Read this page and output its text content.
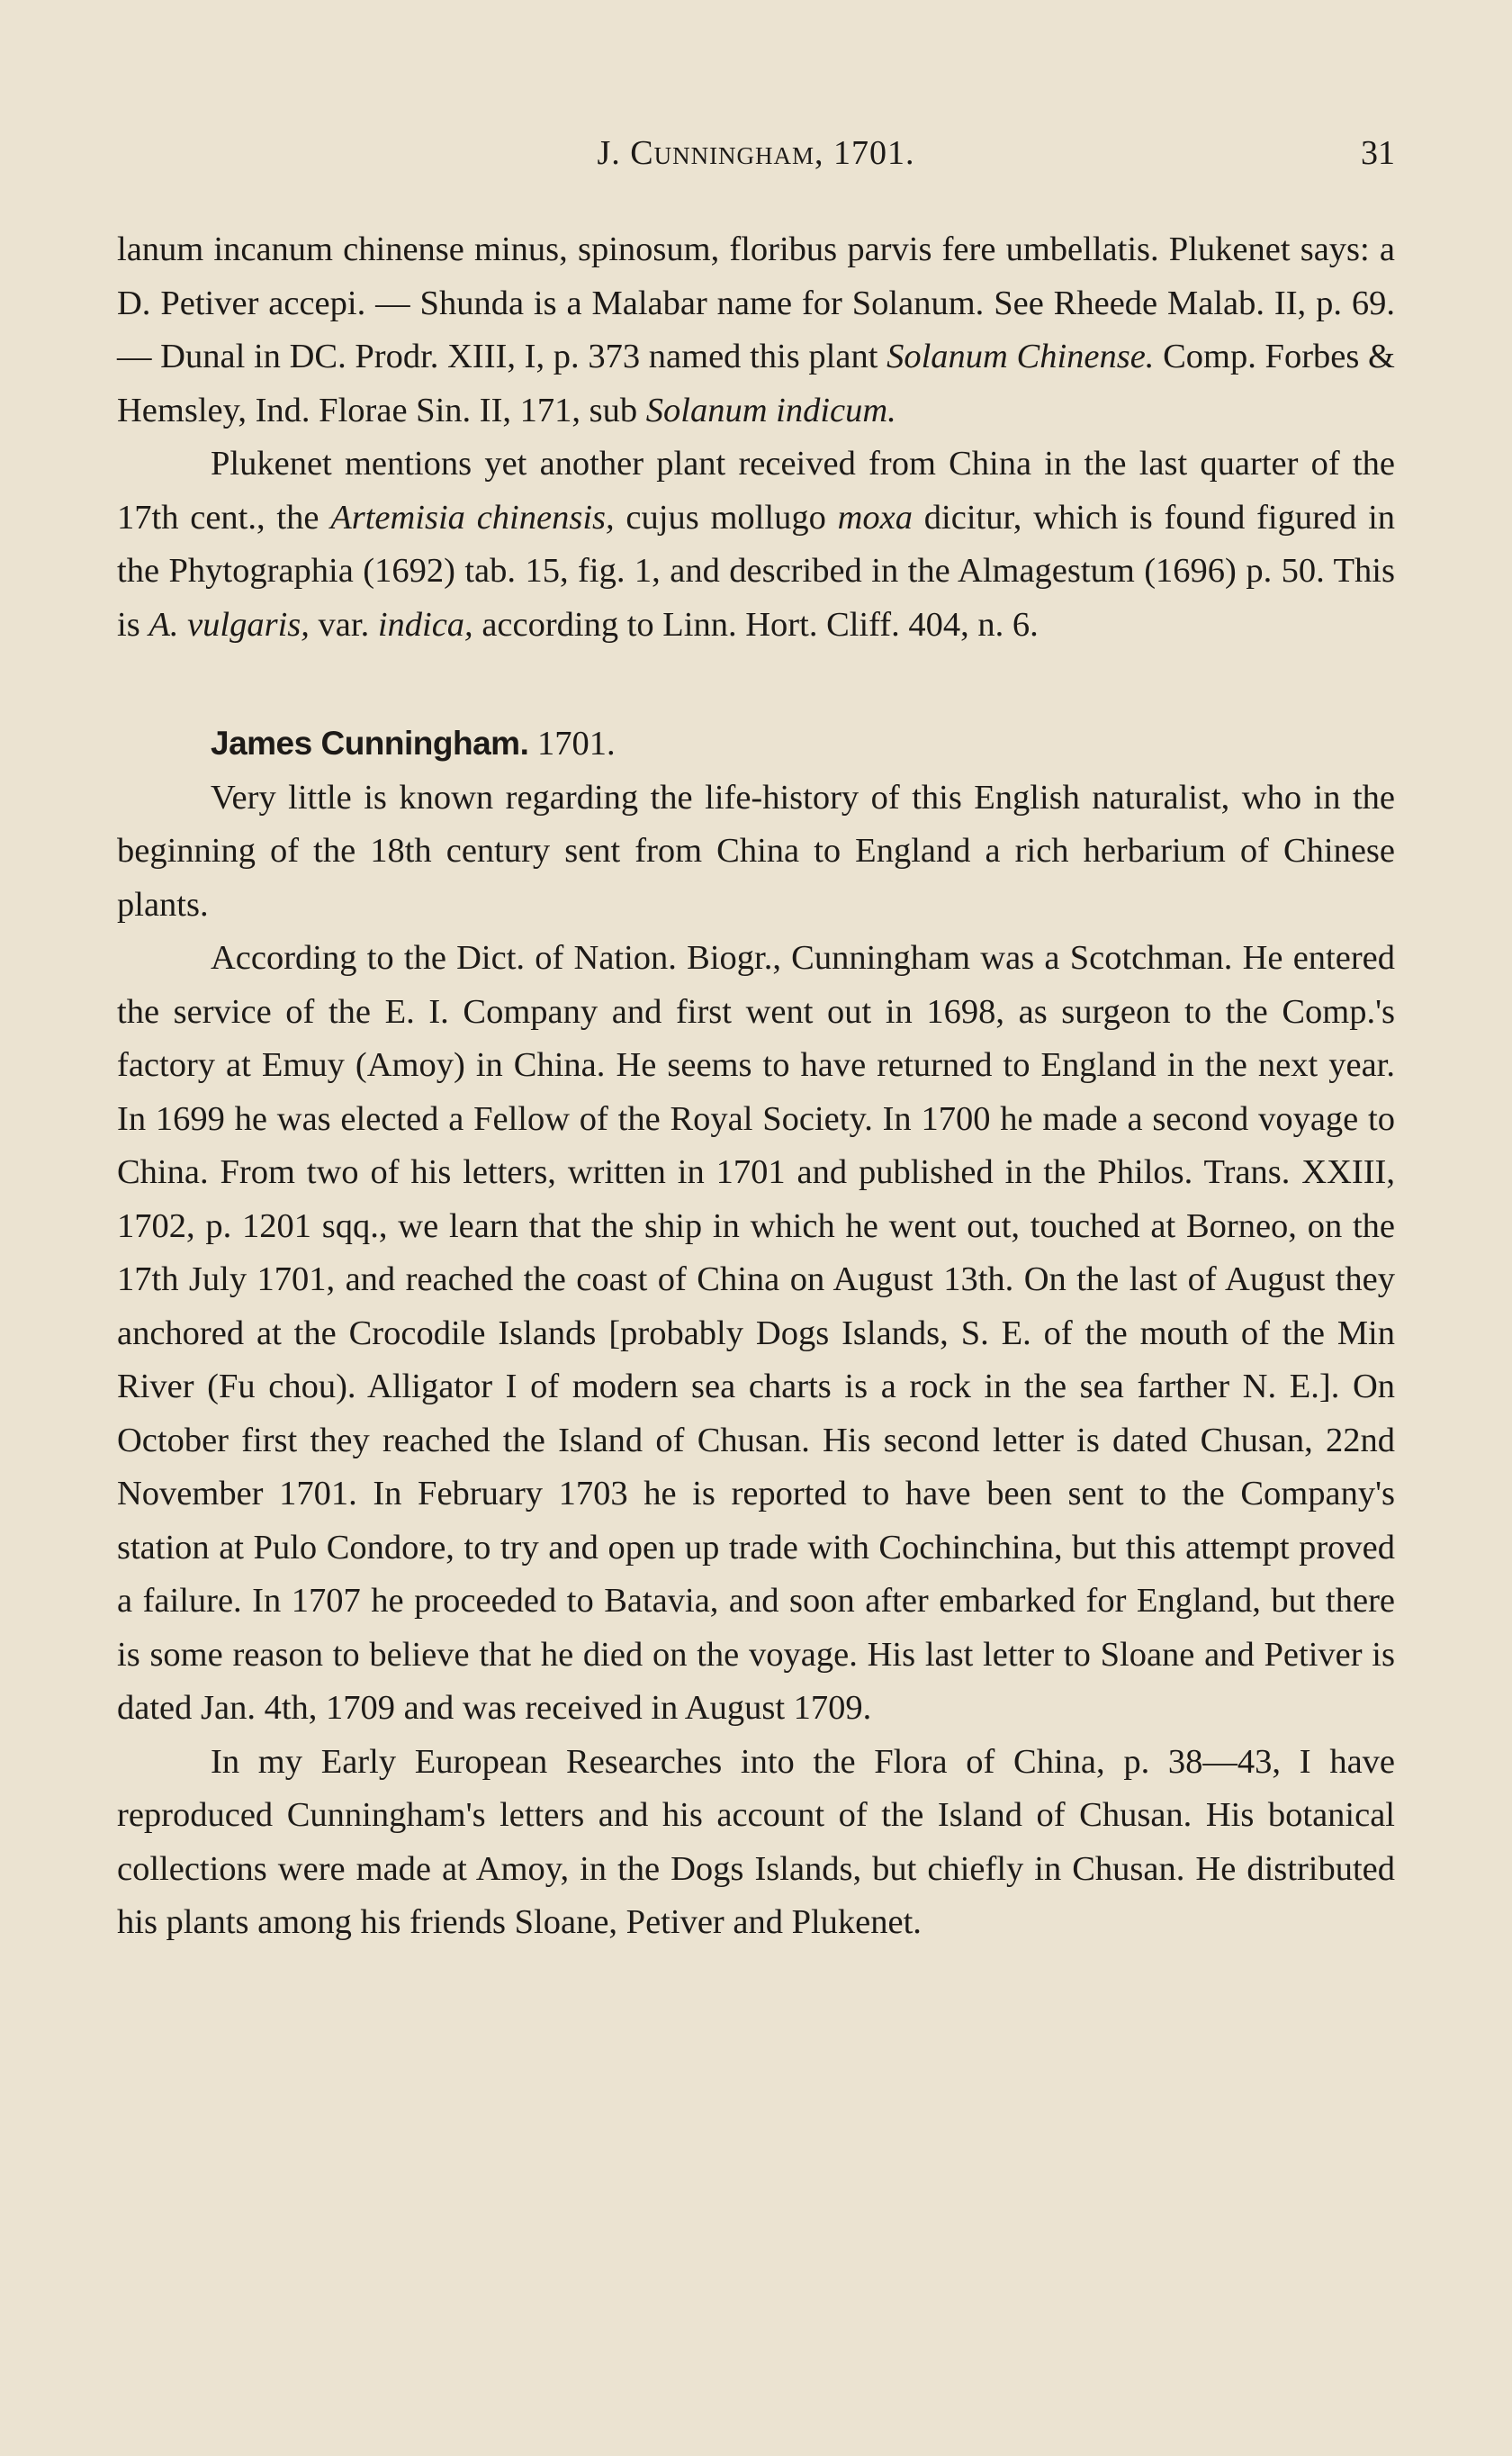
J. Cunningham, 1701.	31

lanum incanum chinense minus, spinosum, floribus parvis fere umbellatis. Plukenet says: a D. Petiver accepi. — Shunda is a Malabar name for Solanum. See Rheede Malab. II, p. 69. — Dunal in DC. Prodr. XIII, I, p. 373 named this plant Solanum Chinense. Comp. Forbes & Hemsley, Ind. Florae Sin. II, 171, sub Solanum indicum.

Plukenet mentions yet another plant received from China in the last quarter of the 17th cent., the Artemisia chinensis, cujus mollugo moxa dicitur, which is found figured in the Phytographia (1692) tab. 15, fig. 1, and described in the Almagestum (1696) p. 50. This is A. vulgaris, var. indica, according to Linn. Hort. Cliff. 404, n. 6.

James Cunningham. 1701.

Very little is known regarding the life-history of this English naturalist, who in the beginning of the 18th century sent from China to England a rich herbarium of Chinese plants.

According to the Dict. of Nation. Biogr., Cunningham was a Scotchman. He entered the service of the E. I. Company and first went out in 1698, as surgeon to the Comp.'s factory at Emuy (Amoy) in China. He seems to have returned to England in the next year. In 1699 he was elected a Fellow of the Royal Society. In 1700 he made a second voyage to China. From two of his letters, written in 1701 and published in the Philos. Trans. XXIII, 1702, p. 1201 sqq., we learn that the ship in which he went out, touched at Borneo, on the 17th July 1701, and reached the coast of China on August 13th. On the last of August they anchored at the Crocodile Islands [probably Dogs Islands, S. E. of the mouth of the Min River (Fu chou). Alligator I of modern sea charts is a rock in the sea farther N. E.]. On October first they reached the Island of Chusan. His second letter is dated Chusan, 22nd November 1701. In February 1703 he is reported to have been sent to the Company's station at Pulo Condore, to try and open up trade with Cochinchina, but this attempt proved a failure. In 1707 he proceeded to Batavia, and soon after embarked for England, but there is some reason to believe that he died on the voyage. His last letter to Sloane and Petiver is dated Jan. 4th, 1709 and was received in August 1709.

In my Early European Researches into the Flora of China, p. 38—43, I have reproduced Cunningham's letters and his account of the Island of Chusan. His botanical collections were made at Amoy, in the Dogs Islands, but chiefly in Chusan. He distributed his plants among his friends Sloane, Petiver and Plukenet.
